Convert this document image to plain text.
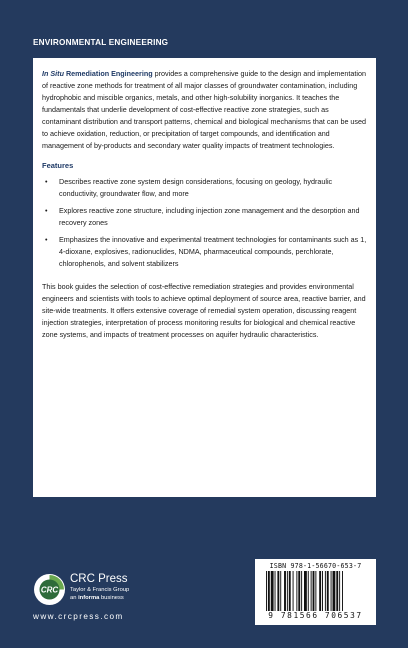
ENVIRONMENTAL ENGINEERING

In Situ Remediation Engineering provides a comprehensive guide to the design and implementation of reactive zone methods for treatment of all major classes of groundwater contamination, including hydrophobic and miscible organics, metals, and other high-solubility inorganics. It teaches the fundamentals that underlie development of cost-effective reactive zone strategies, such as contaminant distribution and transport patterns, chemical and biological mechanisms that can be used to achieve oxidation, reduction, or precipitation of target compounds, and identification and management of by-products and secondary water quality impacts of treatment technologies.

Features
• Describes reactive zone system design considerations, focusing on geology, hydraulic conductivity, groundwater flow, and more
• Explores reactive zone structure, including injection zone management and the desorption and recovery zones
• Emphasizes the innovative and experimental treatment technologies for contaminants such as 1, 4-dioxane, explosives, radionuclides, NDMA, pharmaceutical compounds, perchlorate, chlorophenols, and solvent stabilizers

This book guides the selection of cost-effective remediation strategies and provides environmental engineers and scientists with tools to achieve optimal deployment of source area, reactive barrier, and site-wide treatments. It offers extensive coverage of remedial system operation, discussing reagent injection strategies, interpretation of process monitoring results for biological and chemical reactive zone systems, and impacts of treatment processes on aquifer hydraulic characteristics.

CRC
CRC Press
Taylor & Francis Group
an informa business
www.crcpress.com
ISBN 978-1-56670-653-7
9 781566 706537
